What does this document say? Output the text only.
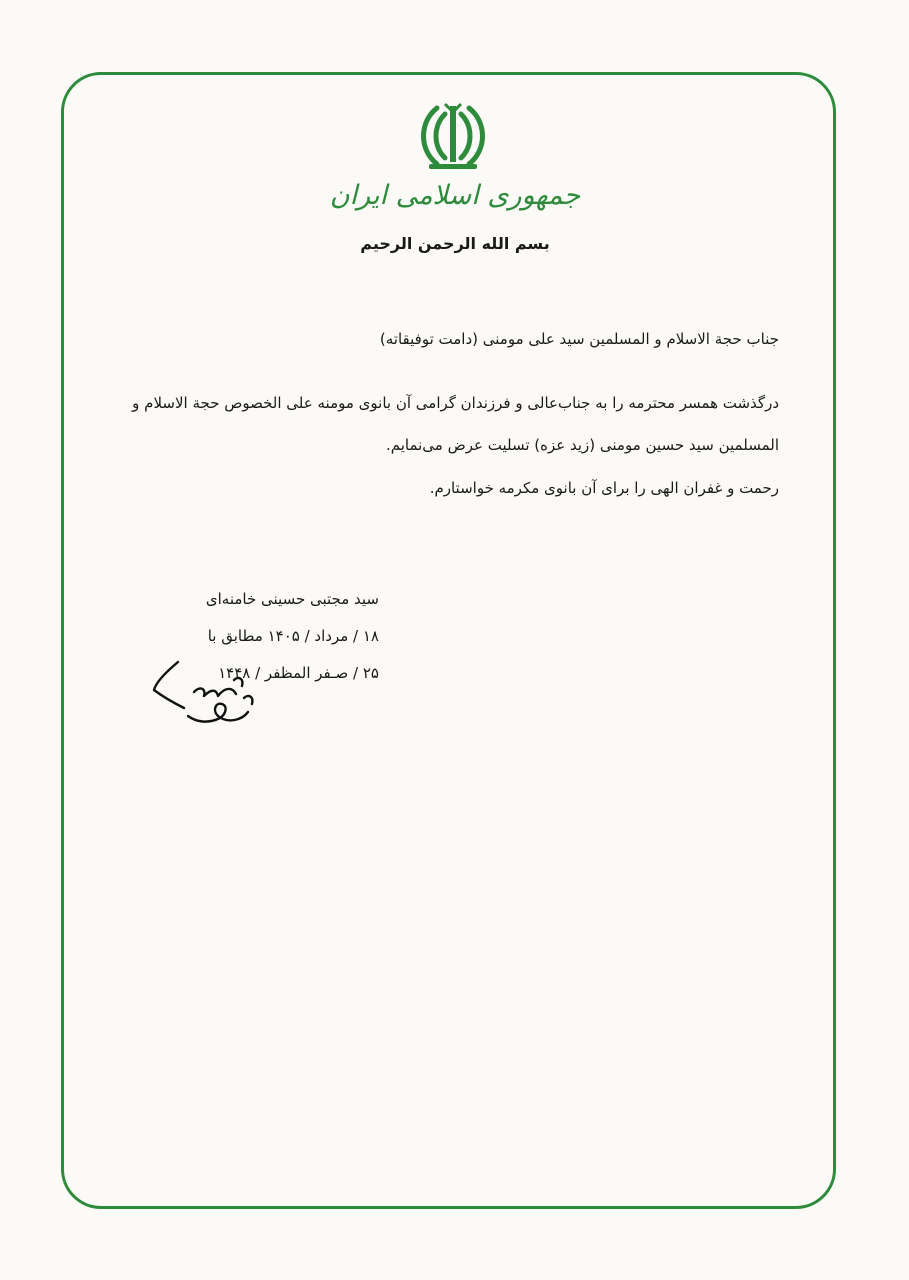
جمهوری اسلامی ایران
بسم الله الرحمن الرحیم
جناب حجة الاسلام و المسلمین سید علی مومنی (دامت توفیقاته)
درگذشت همسر محترمه را به جناب‌عالی و فرزندان گرامی آن بانوی مومنه علی الخصوص حجة الاسلام و
المسلمین سید حسین مومنی (زید عزه) تسلیت عرض می‌نمایم.
رحمت و غفران الهی را برای آن بانوی مکرمه خواستارم.
سید مجتبی حسینی خامنه‌ای
۱۸ / مرداد / ۱۴۰۵ مطابق با
۲۵ / صـفر المظفر / ۱۴۴۸
